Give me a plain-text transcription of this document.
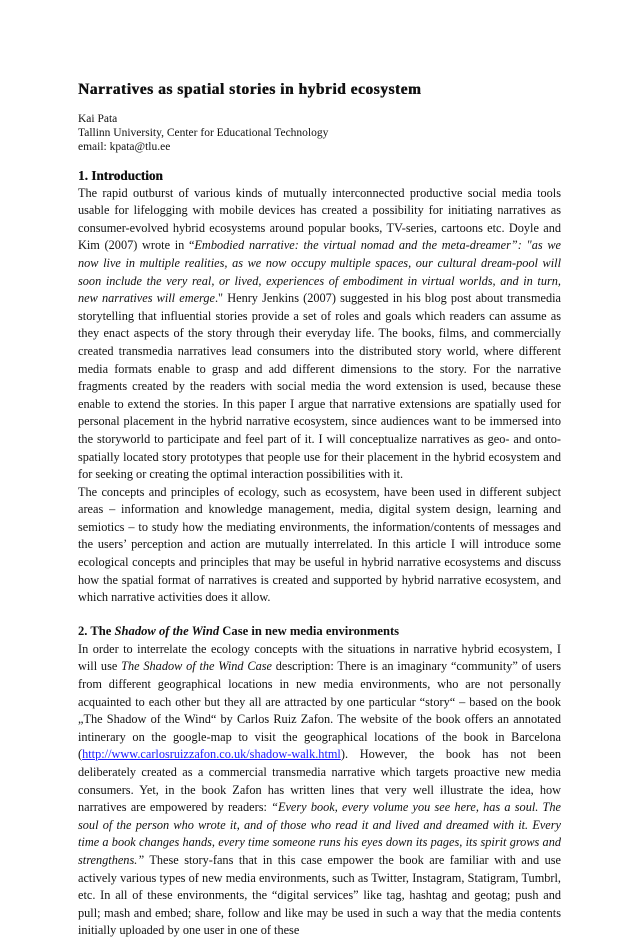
Narratives as spatial stories in hybrid ecosystem
Kai Pata
Tallinn University, Center for Educational Technology
email: kpata@tlu.ee
1. Introduction

The rapid outburst of various kinds of mutually interconnected productive social media tools usable for lifelogging with mobile devices has created a possibility for initiating narratives as consumer-evolved hybrid ecosystems around popular books, TV-series, cartoons etc. Doyle and Kim (2007) wrote in “Embodied narrative: the virtual nomad and the meta-dreamer”: "as we now live in multiple realities, as we now occupy multiple spaces, our cultural dream-pool will soon include the very real, or lived, experiences of embodiment in virtual worlds, and in turn, new narratives will emerge." Henry Jenkins (2007) suggested in his blog post about transmedia storytelling that influential stories provide a set of roles and goals which readers can assume as they enact aspects of the story through their everyday life. The books, films, and commercially created transmedia narratives lead consumers into the distributed story world, where different media formats enable to grasp and add different dimensions to the story. For the narrative fragments created by the readers with social media the word extension is used, because these enable to extend the stories. In this paper I argue that narrative extensions are spatially used for personal placement in the hybrid narrative ecosystem, since audiences want to be immersed into the storyworld to participate and feel part of it. I will conceptualize narratives as geo- and onto-spatially located story prototypes that people use for their placement in the hybrid ecosystem and for seeking or creating the optimal interaction possibilities with it.

The concepts and principles of ecology, such as ecosystem, have been used in different subject areas – information and knowledge management, media, digital system design, learning and semiotics – to study how the mediating environments, the information/contents of messages and the users’ perception and action are mutually interrelated. In this article I will introduce some ecological concepts and principles that may be useful in hybrid narrative ecosystems and discuss how the spatial format of narratives is created and supported by hybrid narrative ecosystem, and which narrative activities does it allow.

2. The Shadow of the Wind Case in new media environments

In order to interrelate the ecology concepts with the situations in narrative hybrid ecosystem, I will use The Shadow of the Wind Case description: There is an imaginary “community” of users from different geographical locations in new media environments, who are not personally acquainted to each other but they all are attracted by one particular “story“ – based on the book „The Shadow of the Wind“ by Carlos Ruiz Zafon. The website of the book offers an annotated intinerary on the google-map to visit the geographical locations of the book in Barcelona (http://www.carlosruizzafon.co.uk/shadow-walk.html). However, the book has not been deliberately created as a commercial transmedia narrative which targets proactive new media consumers. Yet, in the book Zafon has written lines that very well illustrate the idea, how narratives are empowered by readers: “Every book, every volume you see here, has a soul. The soul of the person who wrote it, and of those who read it and lived and dreamed with it. Every time a book changes hands, every time someone runs his eyes down its pages, its spirit grows and strengthens.” These story-fans that in this case empower the book are familiar with and use actively various types of new media environments, such as Twitter, Instagram, Statigram, Tumbrl, etc. In all of these environments, the “digital services” like tag, hashtag and geotag; push and pull; mash and embed; share, follow and like may be used in such a way that the media contents initially uploaded by one user in one of these
